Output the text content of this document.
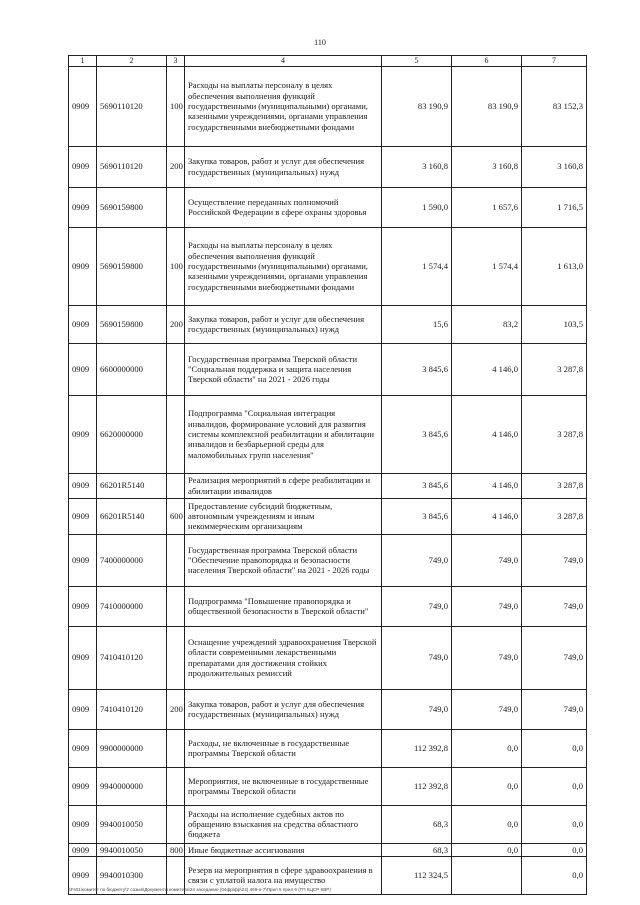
110
1	2	3	4	5	6	7
0909	5690110120	100	Расходы на выплаты персоналу в целях обеспечения выполнения функций государственными (муниципальными) органами, казенными учреждениями, органами управления государственными внебюджетными фондами	83 190,9	83 190,9	83 152,3
0909	5690110120	200	Закупка товаров, работ и услуг для обеспечения государственных (муниципальных) нужд	3 160,8	3 160,8	3 160,8
0909	5690159800		Осуществление переданных полномочий Российской Федерации в сфере охраны здоровья	1 590,0	1 657,6	1 716,5
0909	5690159800	100	Расходы на выплаты персоналу в целях обеспечения выполнения функций государственными (муниципальными) органами, казенными учреждениями, органами управления государственными внебюджетными фондами	1 574,4	1 574,4	1 613,0
0909	5690159800	200	Закупка товаров, работ и услуг для обеспечения государственных (муниципальных) нужд	15,6	83,2	103,5
0909	6600000000		Государственная программа Тверской области "Социальная поддержка и защита населения Тверской области" на 2021 - 2026 годы	3 845,6	4 146,0	3 287,8
0909	6620000000		Подпрограмма "Социальная интеграция инвалидов, формирование условий для развития системы комплексной реабилитации и абилитации инвалидов и безбарьерной среды для маломобильных групп населения"	3 845,6	4 146,0	3 287,8
0909	66201R5140		Реализация мероприятий в сфере реабилитации и абилитации инвалидов	3 845,6	4 146,0	3 287,8
0909	66201R5140	600	Предоставление субсидий бюджетным, автономным учреждениям и иным некоммерческим организациям	3 845,6	4 146,0	3 287,8
0909	7400000000		Государственная программа Тверской области "Обеспечение правопорядка и безопасности населения Тверской области" на 2021 - 2026 годы	749,0	749,0	749,0
0909	7410000000		Подпрограмма "Повышение правопорядка и общественной безопасности в Тверской области"	749,0	749,0	749,0
0909	7410410120		Оснащение учреждений здравоохранения Тверской области современными лекарственными препаратами для достижения стойких продолжительных ремиссий	749,0	749,0	749,0
0909	7410410120	200	Закупка товаров, работ и услуг для обеспечения государственных (муниципальных) нужд	749,0	749,0	749,0
0909	9900000000		Расходы, не включенные в государственные программы Тверской области	112 392,8	0,0	0,0
0909	9940000000		Мероприятия, не включенные в государственные программы Тверской области	112 392,8	0,0	0,0
0909	9940010050		Расходы на исполнение судебных актов по обращению взыскания на средства областного бюджета	68,3	0,0	0,0
0909	9940010050	800	Иные бюджетные ассигнования	68,3	0,0	0,0
0909	9940010300		Резерв на мероприятия в сфере здравоохранения в связи с уплатой налога на имущество	112 324,5		0,0
\\Fs01\комитет по бюджету\7 созыв\Документы комитета\24 заседание (04фр\фр\24) 469-п-7\Прил 5 прил 6 (ГП КЦСР КВР)
